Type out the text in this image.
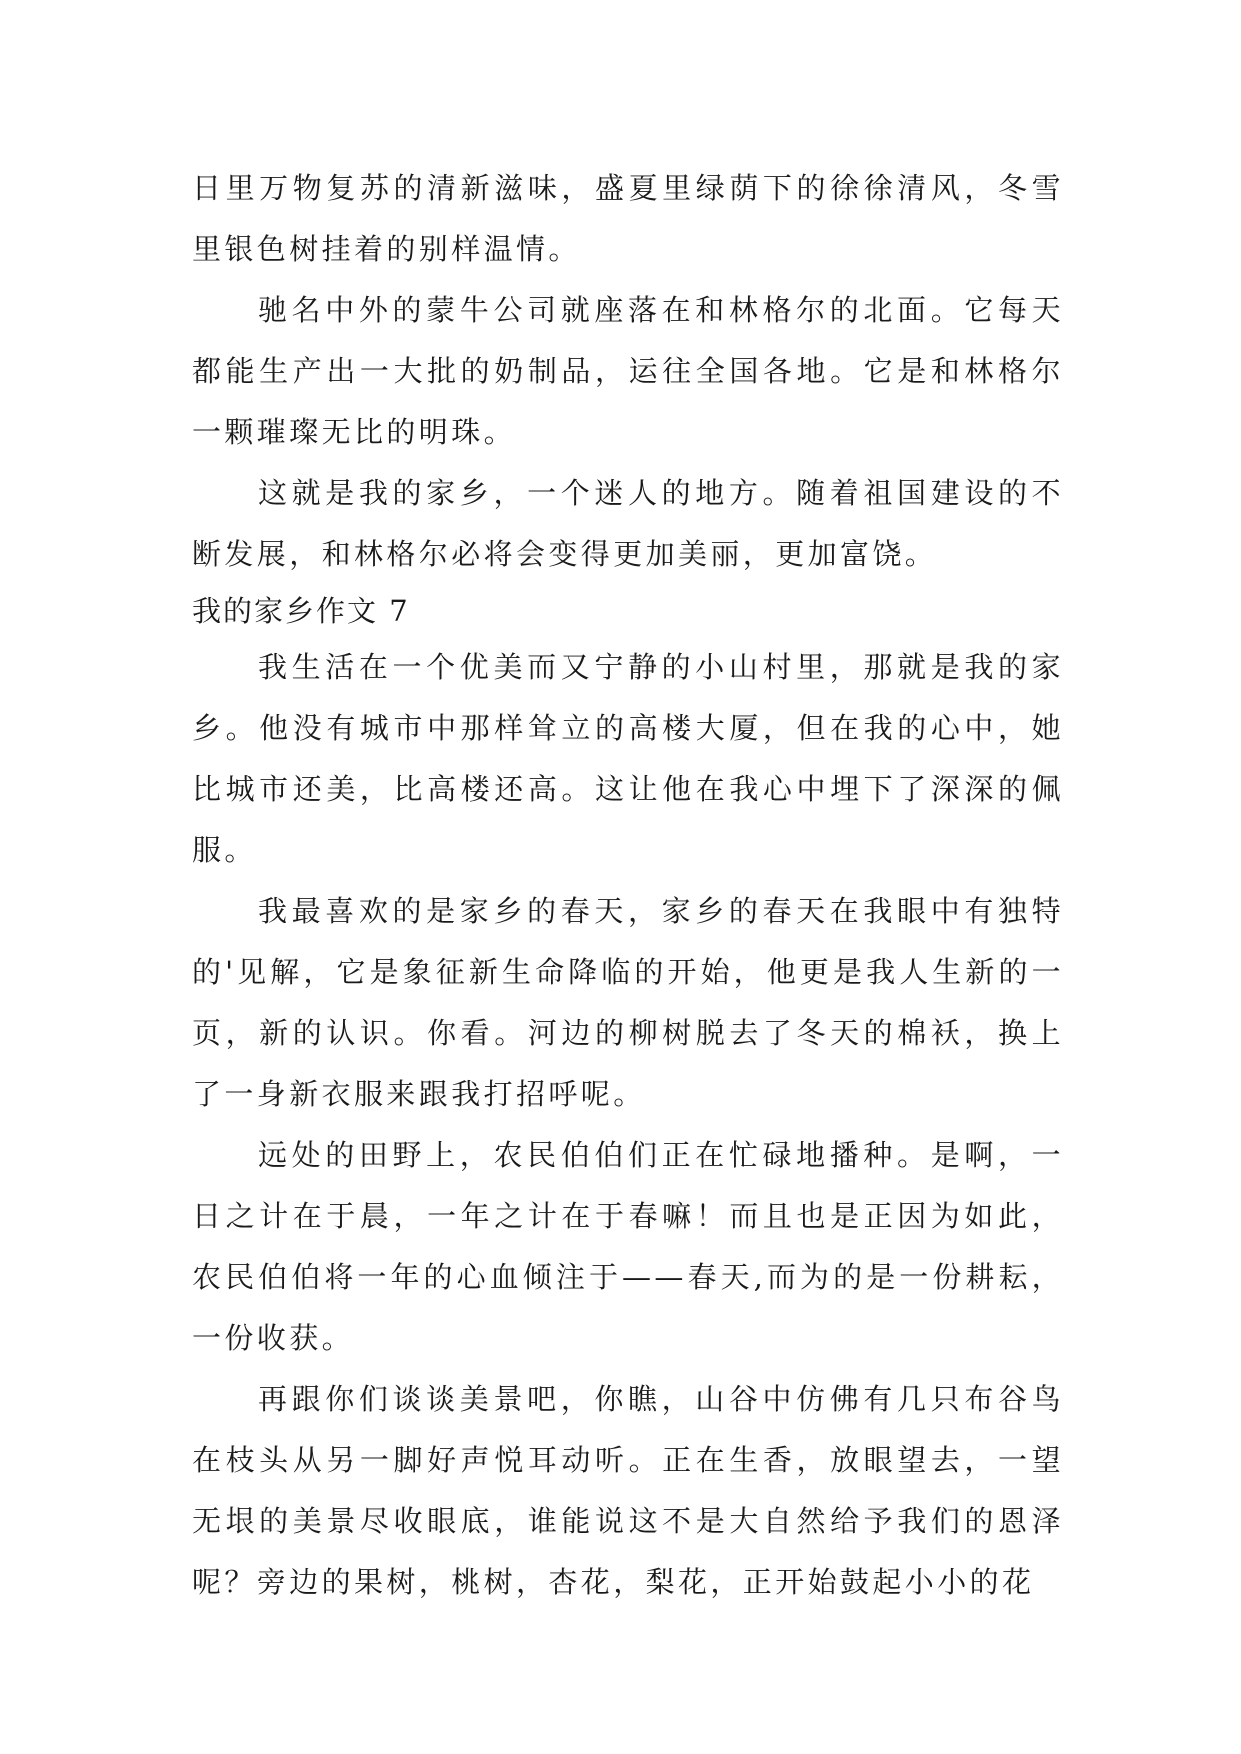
日里万物复苏的清新滋味，盛夏里绿荫下的徐徐清风，冬雪里银色树挂着的别样温情。

驰名中外的蒙牛公司就座落在和林格尔的北面。它每天都能生产出一大批的奶制品，运往全国各地。它是和林格尔一颗璀璨无比的明珠。

这就是我的家乡，一个迷人的地方。随着祖国建设的不断发展，和林格尔必将会变得更加美丽，更加富饶。

我的家乡作文 7

我生活在一个优美而又宁静的小山村里，那就是我的家乡。他没有城市中那样耸立的高楼大厦，但在我的心中，她比城市还美，比高楼还高。这让他在我心中埋下了深深的佩服。

我最喜欢的是家乡的春天，家乡的春天在我眼中有独特的'见解，它是象征新生命降临的开始，他更是我人生新的一页，新的认识。你看。河边的柳树脱去了冬天的棉袄，换上了一身新衣服来跟我打招呼呢。

远处的田野上，农民伯伯们正在忙碌地播种。是啊，一日之计在于晨，一年之计在于春嘛！而且也是正因为如此，农民伯伯将一年的心血倾注于——春天,而为的是一份耕耘，一份收获。

再跟你们谈谈美景吧，你瞧，山谷中仿佛有几只布谷鸟在枝头从另一脚好声悦耳动听。正在生香，放眼望去，一望无垠的美景尽收眼底，谁能说这不是大自然给予我们的恩泽呢？旁边的果树，桃树，杏花，梨花，正开始鼓起小小的花
